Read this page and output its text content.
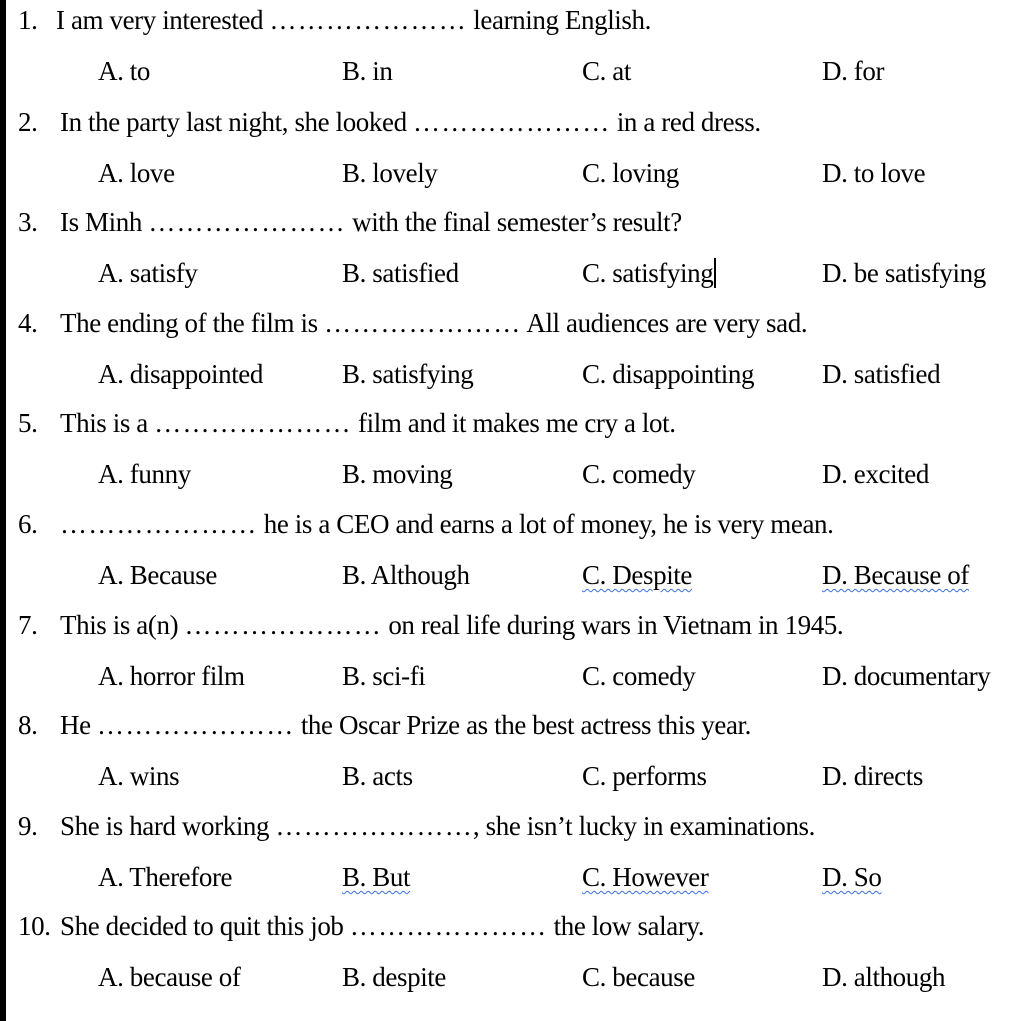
1. I am very interested ………………… learning English.
A. to	B. in	C. at	D. for
2. In the party last night, she looked ………………… in a red dress.
A. love	B. lovely	C. loving	D. to love
3. Is Minh ………………… with the final semester’s result?
A. satisfy	B. satisfied	C. satisfying	D. be satisfying
4. The ending of the film is ………………… All audiences are very sad.
A. disappointed	B. satisfying	C. disappointing	D. satisfied
5. This is a ………………… film and it makes me cry a lot.
A. funny	B. moving	C. comedy	D. excited
6. ………………… he is a CEO and earns a lot of money, he is very mean.
A. Because	B. Although	C. Despite	D. Because of
7. This is a(n) ………………… on real life during wars in Vietnam in 1945.
A. horror film	B. sci-fi	C. comedy	D. documentary
8. He ………………… the Oscar Prize as the best actress this year.
A. wins	B. acts	C. performs	D. directs
9. She is hard working …………………, she isn’t lucky in examinations.
A. Therefore	B. But	C. However	D. So
10. She decided to quit this job ………………… the low salary.
A. because of	B. despite	C. because	D. although
